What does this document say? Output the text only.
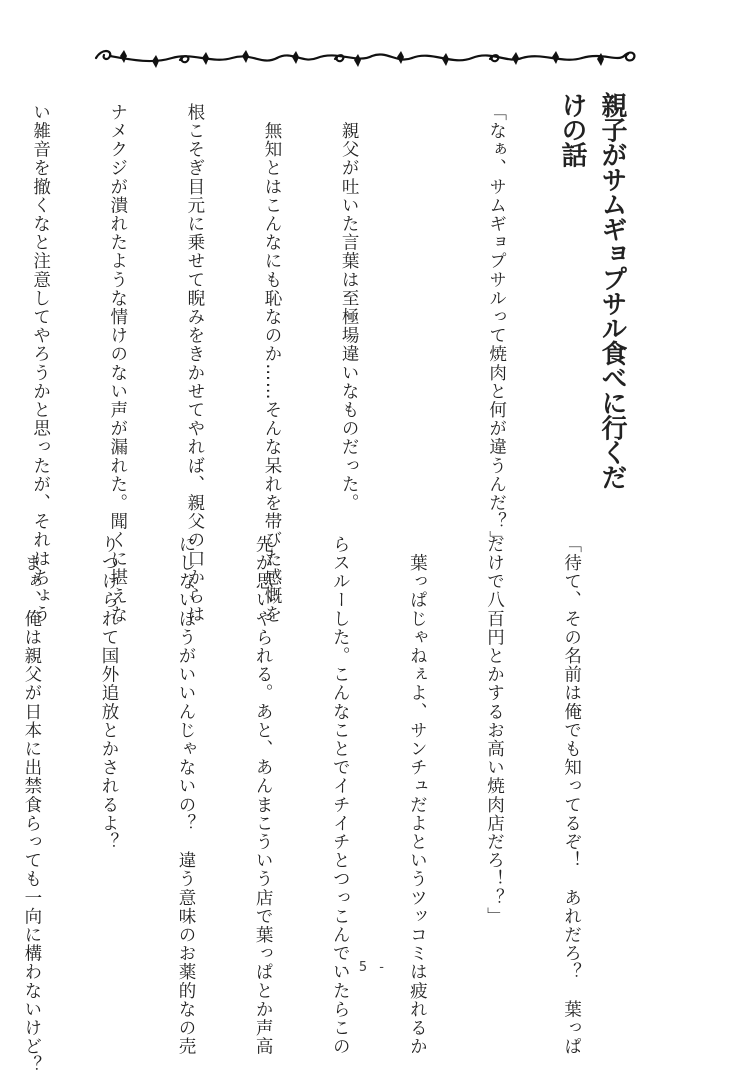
親子がサムギョプサル食べに行くだけの話

「なぁ、サムギョプサルって焼肉と何が違うんだ？」

　親父が吐いた言葉は至極場違いなものだった。

　無知とはこんなにも恥なのか……そんな呆れを帯びた感慨を

根こそぎ目元に乗せて睨みをきかせてやれば、親父の口からは

ナメクジが潰れたような情けのない声が漏れた。聞くに堪えな

い雑音を撤くなと注意してやろうかと思ったが、それはちょう

「待て、その名前は俺でも知ってるぞ！　あれだろ？　葉っぱ

だけで八百円とかするお高い焼肉店だろ！？」

　葉っぱじゃねぇよ、サンチュだよというツッコミは疲れるか

らスルーした。こんなことでイチイチとつっこんでいたらこの

先が思いやられる。あと、あんまこういう店で葉っぱとか声高

にしないほうがいいんじゃないの？　違う意味のお薬的なの売

りつけられて国外追放とかされるよ？

　まぁ、俺は親父が日本に出禁食らっても一向に構わないけど？

	- 5 -
